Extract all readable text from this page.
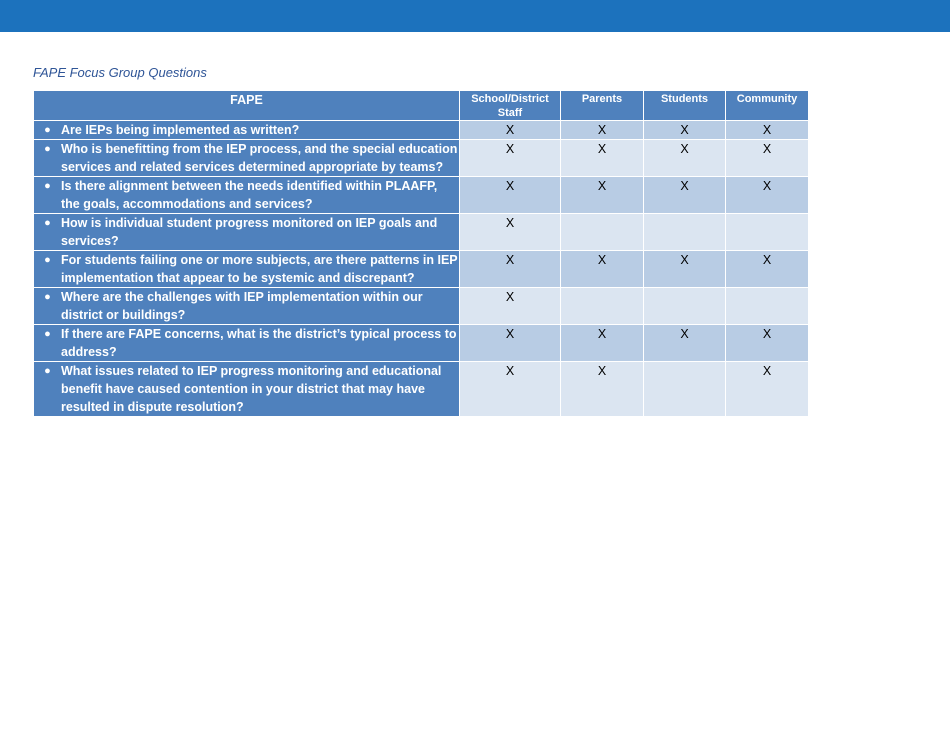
FAPE Focus Group Questions
FAPE	School/District Staff	Parents	Students	Community

● Are IEPs being implemented as written?	X	X	X	X

● Who is benefitting from the IEP process, and the special education services and related services determined appropriate by teams?	X	X	X	X

● Is there alignment between the needs identified within PLAAFP, the goals, accommodations and services?	X	X	X	X

● How is individual student progress monitored on IEP goals and services?	X			

● For students failing one or more subjects, are there patterns in IEP implementation that appear to be systemic and discrepant?	X	X	X	X

● Where are the challenges with IEP implementation within our district or buildings?	X			

● If there are FAPE concerns, what is the district’s typical process to address?	X	X	X	X

● What issues related to IEP progress monitoring and educational benefit have caused contention in your district that may have resulted in dispute resolution?	X	X		X
